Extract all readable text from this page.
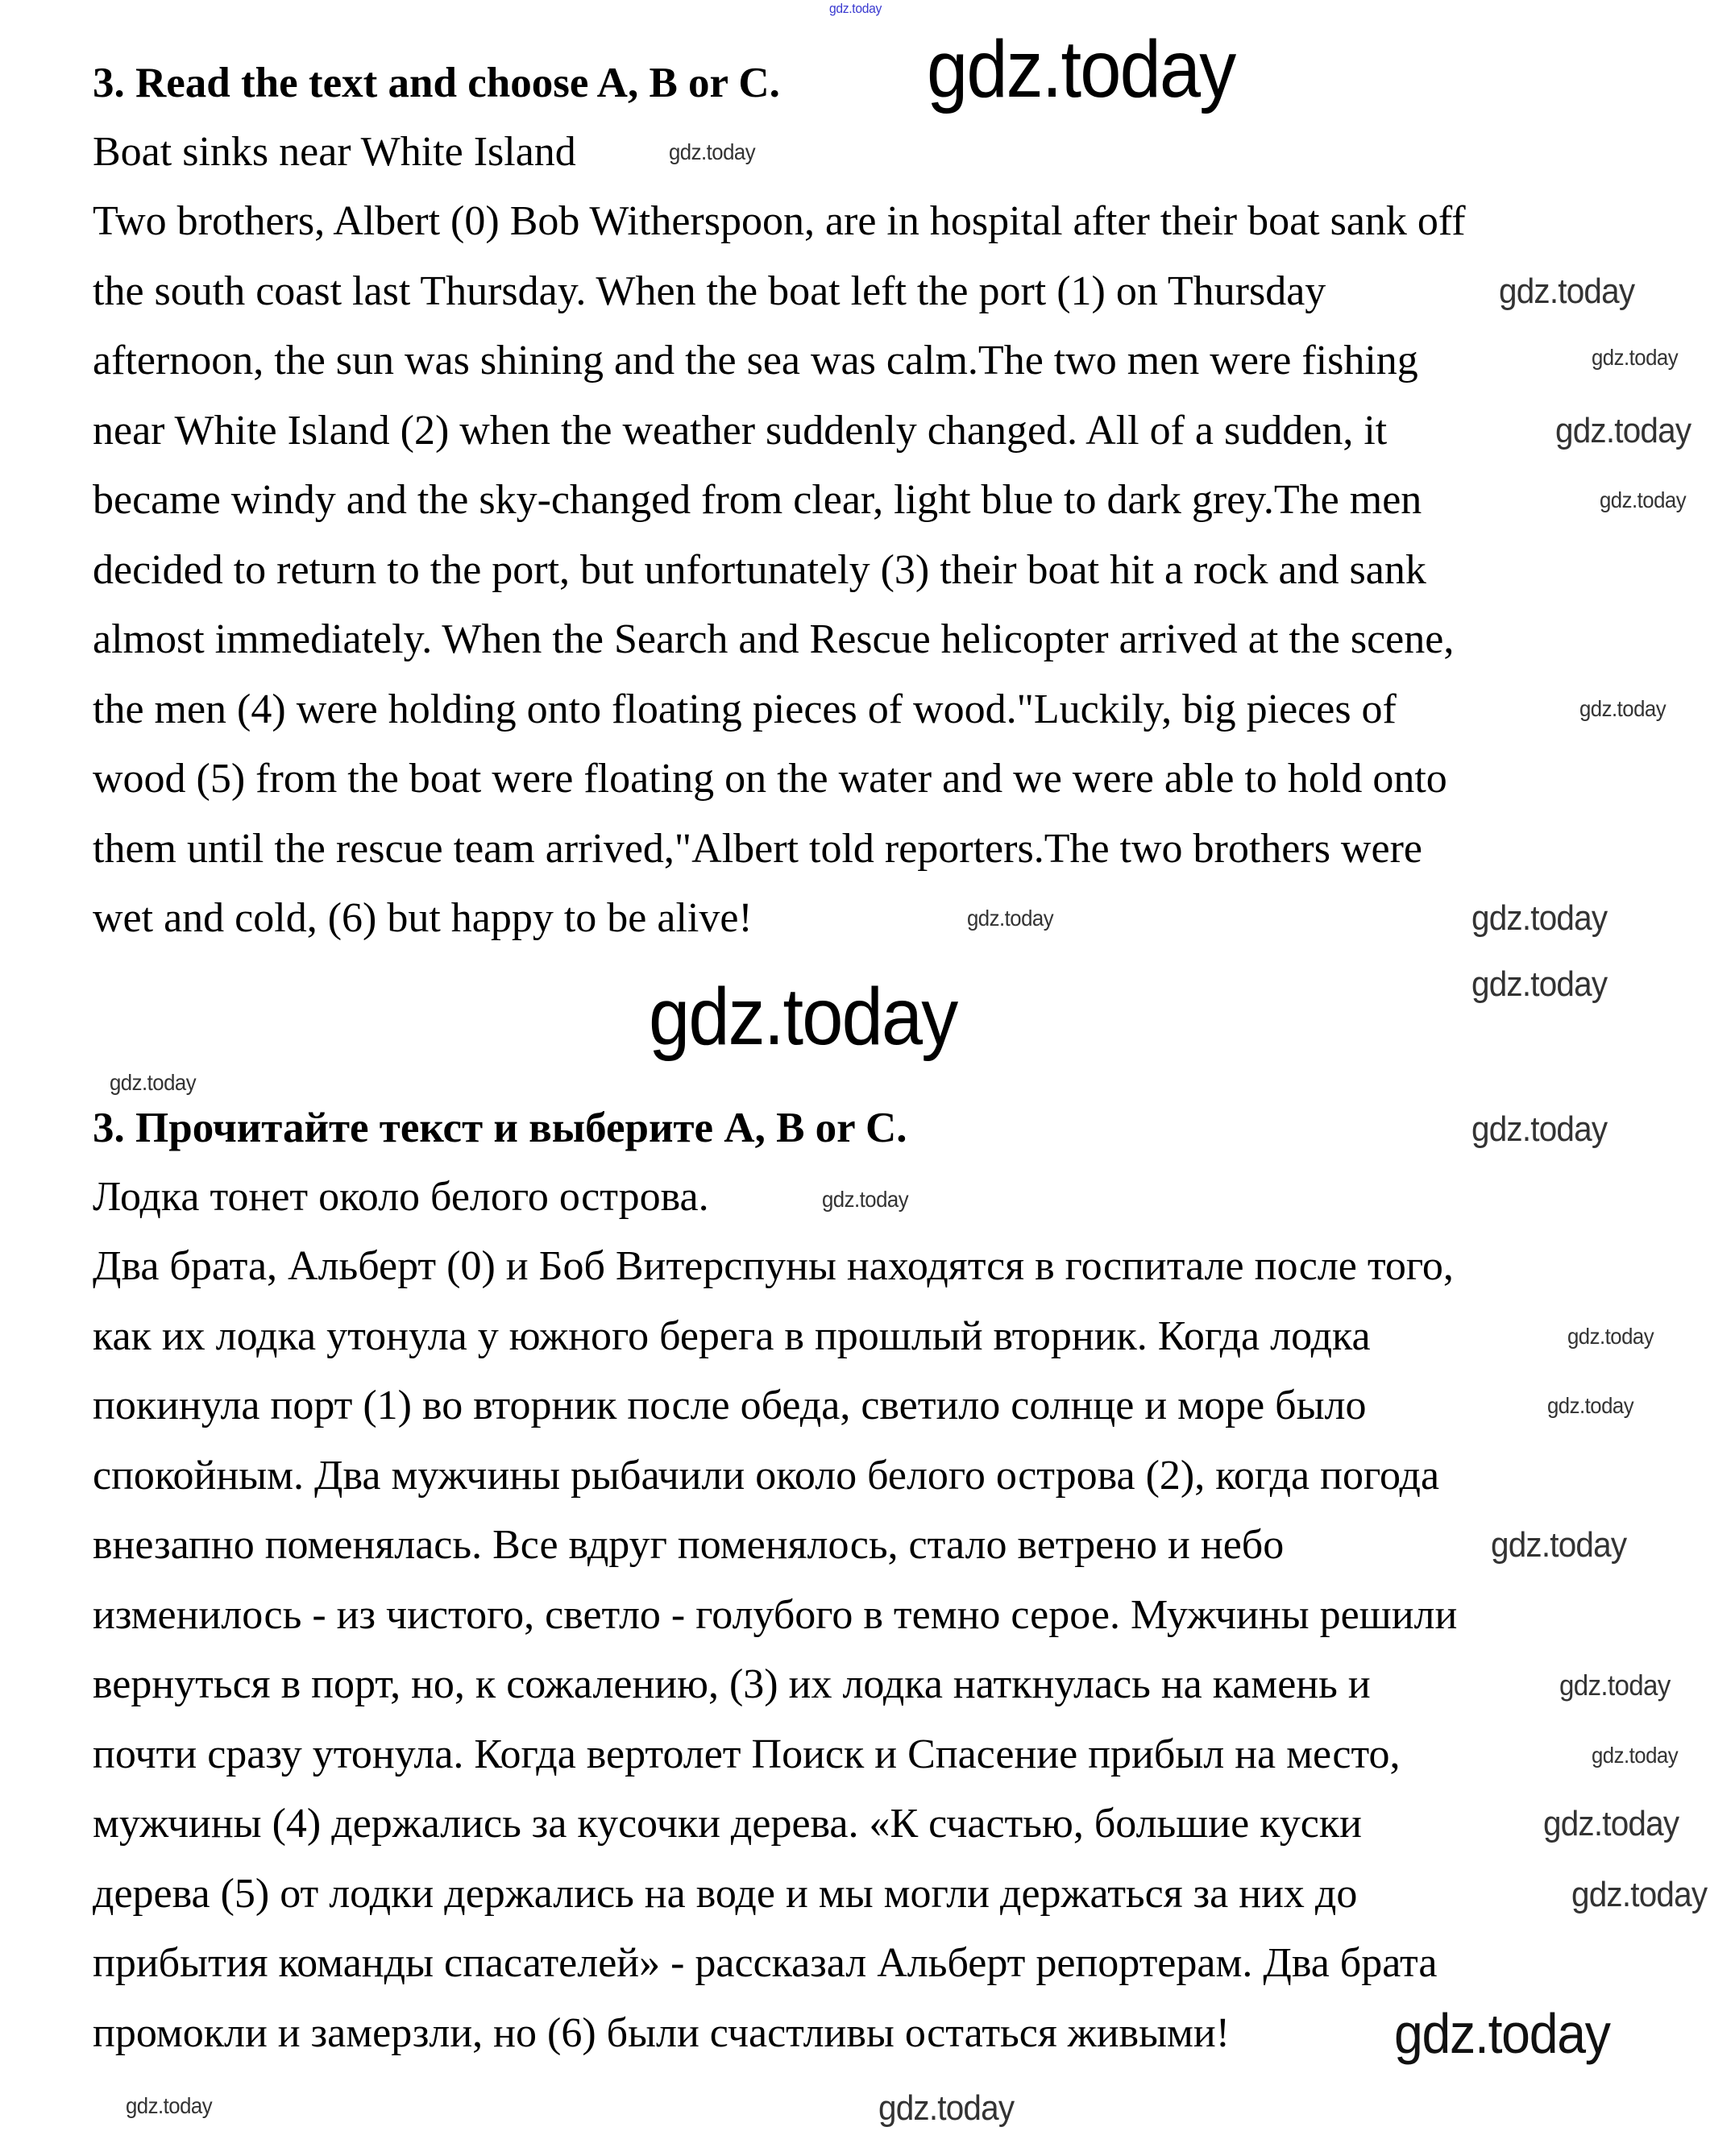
3. Read the text and choose A, B or C.
Boat sinks near White Island
Two brothers, Albert (0) Bob Witherspoon, are in hospital after their boat sank off
the south coast last Thursday. When the boat left the port (1) on Thursday
afternoon, the sun was shining and the sea was calm.The two men were fishing
near White Island (2) when the weather suddenly changed. All of a sudden, it
became windy and the sky-changed from clear, light blue to dark grey.The men
decided to return to the port, but unfortunately (3) their boat hit a rock and sank
almost immediately. When the Search and Rescue helicopter arrived at the scene,
the men (4) were holding onto floating pieces of wood."Luckily, big pieces of
wood (5) from the boat were floating on the water and we were able to hold onto
them until the rescue team arrived,"Albert told reporters.The two brothers were
wet and cold, (6) but happy to be alive!
3. Прочитайте текст и выберите A, B or C.
Лодка тонет около белого острова.
Два брата, Альберт (0) и Боб Витерспуны находятся в госпитале после того,
как их лодка утонула у южного берега в прошлый вторник. Когда лодка
покинула порт (1) во вторник после обеда, светило солнце и море было
спокойным. Два мужчины рыбачили около белого острова (2), когда погода
внезапно поменялась. Все вдруг поменялось, стало ветрено и небо
изменилось - из чистого, светло - голубого в темно серое. Мужчины решили
вернуться в порт, но, к сожалению, (3) их лодка наткнулась на камень и
почти сразу утонула. Когда вертолет Поиск и Спасение прибыл на место,
мужчины (4) держались за кусочки дерева. «К счастью, большие куски
дерева (5) от лодки держались на воде и мы могли держаться за них до
прибытия команды спасателей» - рассказал Альберт репортерам. Два брата
промокли и замерзли, но (6) были счастливы остаться живыми!
gdz.today
gdz.today
gdz.today
gdz.today
gdz.today
gdz.today
gdz.today
gdz.today
gdz.today
gdz.today
gdz.today
gdz.today
gdz.today
gdz.today
gdz.today
gdz.today
gdz.today
gdz.today
gdz.today
gdz.today
gdz.today
gdz.today
gdz.today
gdz.today
gdz.today
